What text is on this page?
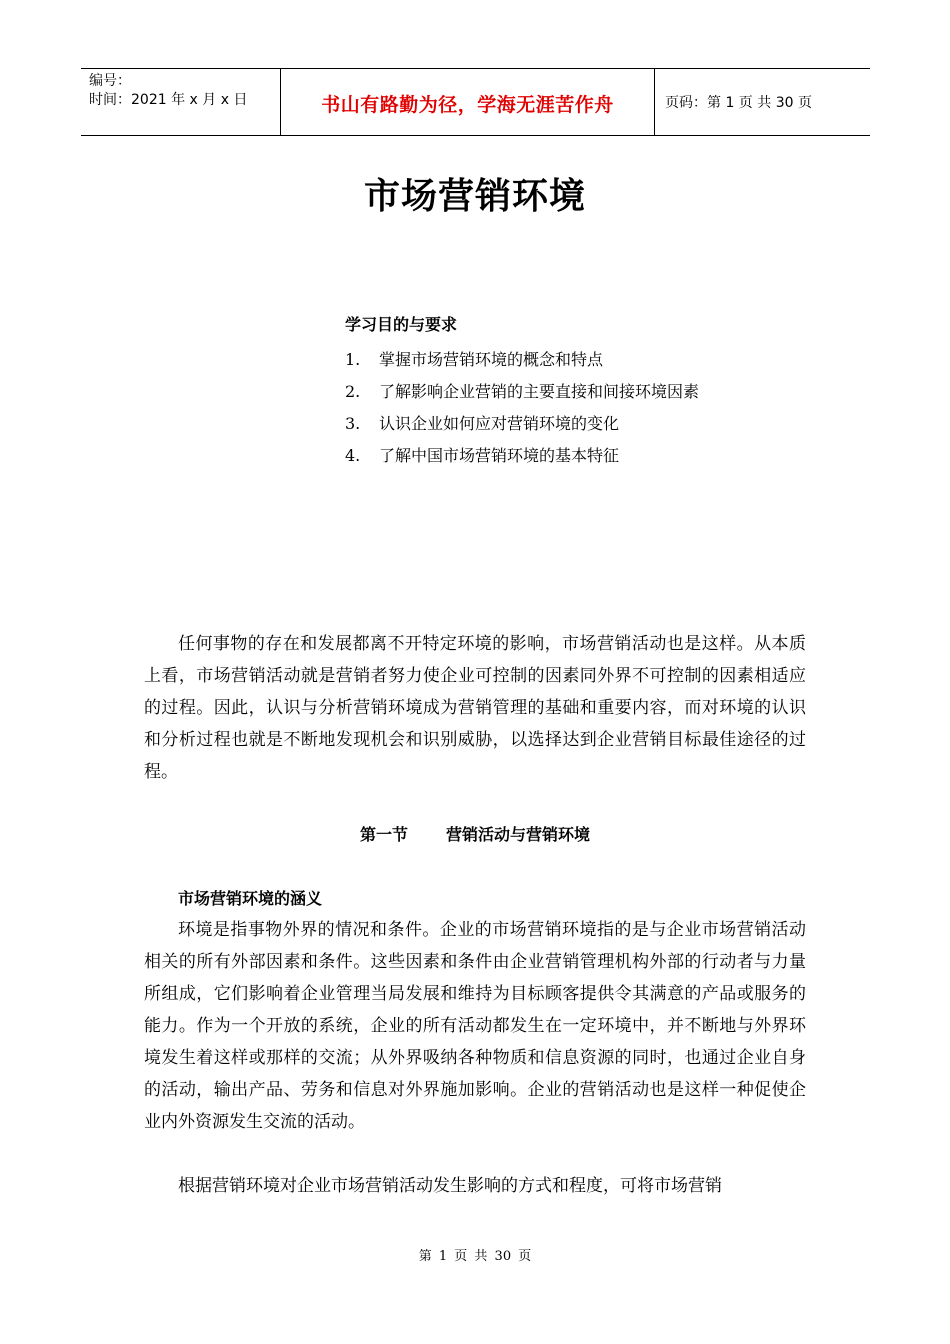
编号：
时间：2021 年 x 月 x 日	书山有路勤为径，学海无涯苦作舟	页码：第 1 页 共 30 页
市场营销环境
学习目的与要求
1.	掌握市场营销环境的概念和特点
2.	了解影响企业营销的主要直接和间接环境因素
3.	认识企业如何应对营销环境的变化
4.	了解中国市场营销环境的基本特征

任何事物的存在和发展都离不开特定环境的影响，市场营销活动也是这样。从本质上看，市场营销活动就是营销者努力使企业可控制的因素同外界不可控制的因素相适应的过程。因此，认识与分析营销环境成为营销管理的基础和重要内容，而对环境的认识和分析过程也就是不断地发现机会和识别威胁，以选择达到企业营销目标最佳途径的过程。

第一节 营销活动与营销环境
市场营销环境的涵义

环境是指事物外界的情况和条件。企业的市场营销环境指的是与企业市场营销活动相关的所有外部因素和条件。这些因素和条件由企业营销管理机构外部的行动者与力量所组成，它们影响着企业管理当局发展和维持为目标顾客提供令其满意的产品或服务的能力。作为一个开放的系统，企业的所有活动都发生在一定环境中，并不断地与外界环境发生着这样或那样的交流；从外界吸纳各种物质和信息资源的同时，也通过企业自身的活动，输出产品、劳务和信息对外界施加影响。企业的营销活动也是这样一种促使企业内外资源发生交流的活动。

根据营销环境对企业市场营销活动发生影响的方式和程度，可将市场营销

第 1 页 共 30 页
